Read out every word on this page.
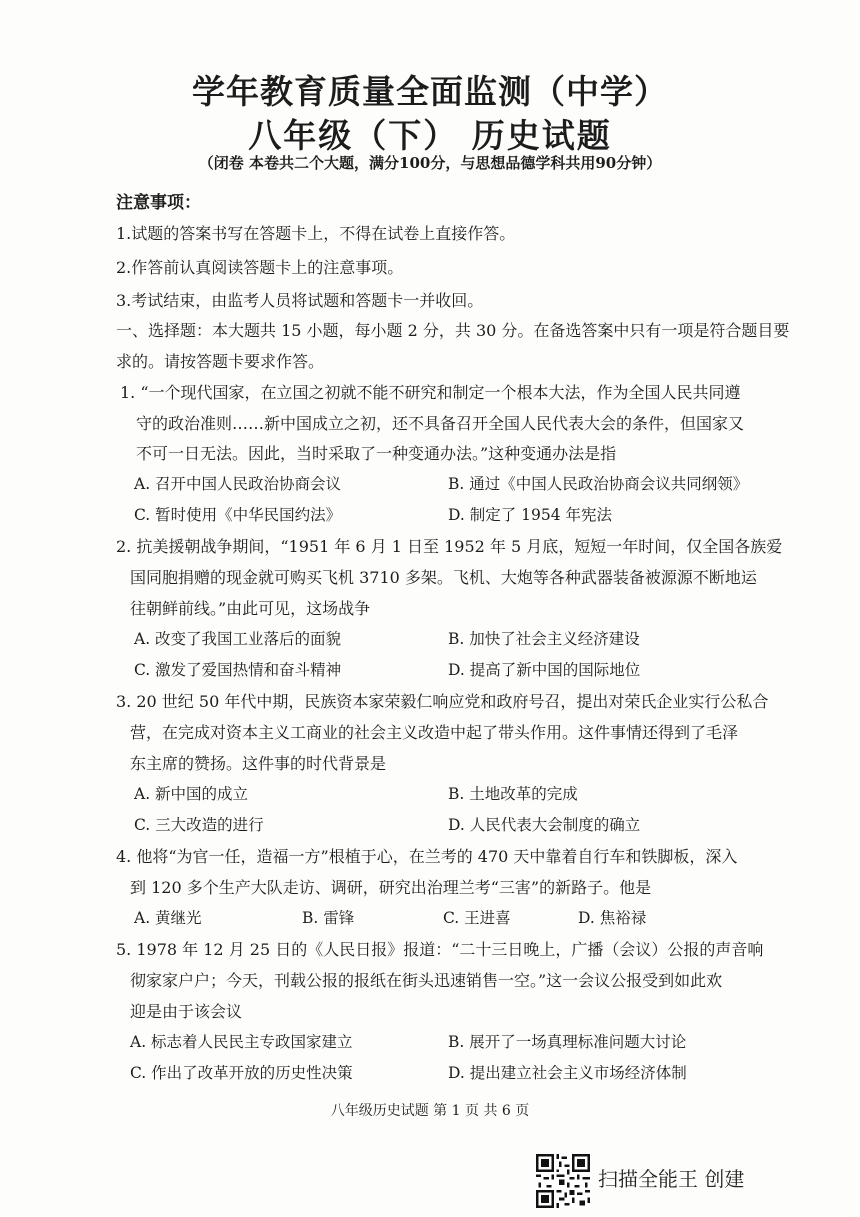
学年教育质量全面监测（中学）
八年级（下） 历史试题
（闭卷 本卷共二个大题，满分100分，与思想品德学科共用90分钟）
注意事项：
1.试题的答案书写在答题卡上，不得在试卷上直接作答。
2.作答前认真阅读答题卡上的注意事项。
3.考试结束，由监考人员将试题和答题卡一并收回。
一、选择题：本大题共 15 小题，每小题 2 分，共 30 分。在备选答案中只有一项是符合题目要
求的。请按答题卡要求作答。
1. “一个现代国家，在立国之初就不能不研究和制定一个根本大法，作为全国人民共同遵
守的政治准则……新中国成立之初，还不具备召开全国人民代表大会的条件，但国家又
不可一日无法。因此，当时采取了一种变通办法。”这种变通办法是指
A. 召开中国人民政治协商会议	B. 通过《中国人民政治协商会议共同纲领》
C. 暂时使用《中华民国约法》	D. 制定了 1954 年宪法
2. 抗美援朝战争期间，“1951 年 6 月 1 日至 1952 年 5 月底，短短一年时间，仅全国各族爱
国同胞捐赠的现金就可购买飞机 3710 多架。飞机、大炮等各种武器装备被源源不断地运
往朝鲜前线。”由此可见，这场战争
A. 改变了我国工业落后的面貌	B. 加快了社会主义经济建设
C. 激发了爱国热情和奋斗精神	D. 提高了新中国的国际地位
3. 20 世纪 50 年代中期，民族资本家荣毅仁响应党和政府号召，提出对荣氏企业实行公私合
营，在完成对资本主义工商业的社会主义改造中起了带头作用。这件事情还得到了毛泽
东主席的赞扬。这件事的时代背景是
A. 新中国的成立	B. 土地改革的完成
C. 三大改造的进行	D. 人民代表大会制度的确立
4. 他将“为官一任，造福一方”根植于心，在兰考的 470 天中靠着自行车和铁脚板，深入
到 120 多个生产大队走访、调研，研究出治理兰考“三害”的新路子。他是
A. 黄继光	B. 雷锋	C. 王进喜	D. 焦裕禄
5. 1978 年 12 月 25 日的《人民日报》报道：“二十三日晚上，广播（会议）公报的声音响
彻家家户户；今天，刊载公报的报纸在街头迅速销售一空。”这一会议公报受到如此欢
迎是由于该会议
A. 标志着人民民主专政国家建立	B. 展开了一场真理标准问题大讨论
C. 作出了改革开放的历史性决策	D. 提出建立社会主义市场经济体制
八年级历史试题 第 1 页 共 6 页
扫描全能王 创建
